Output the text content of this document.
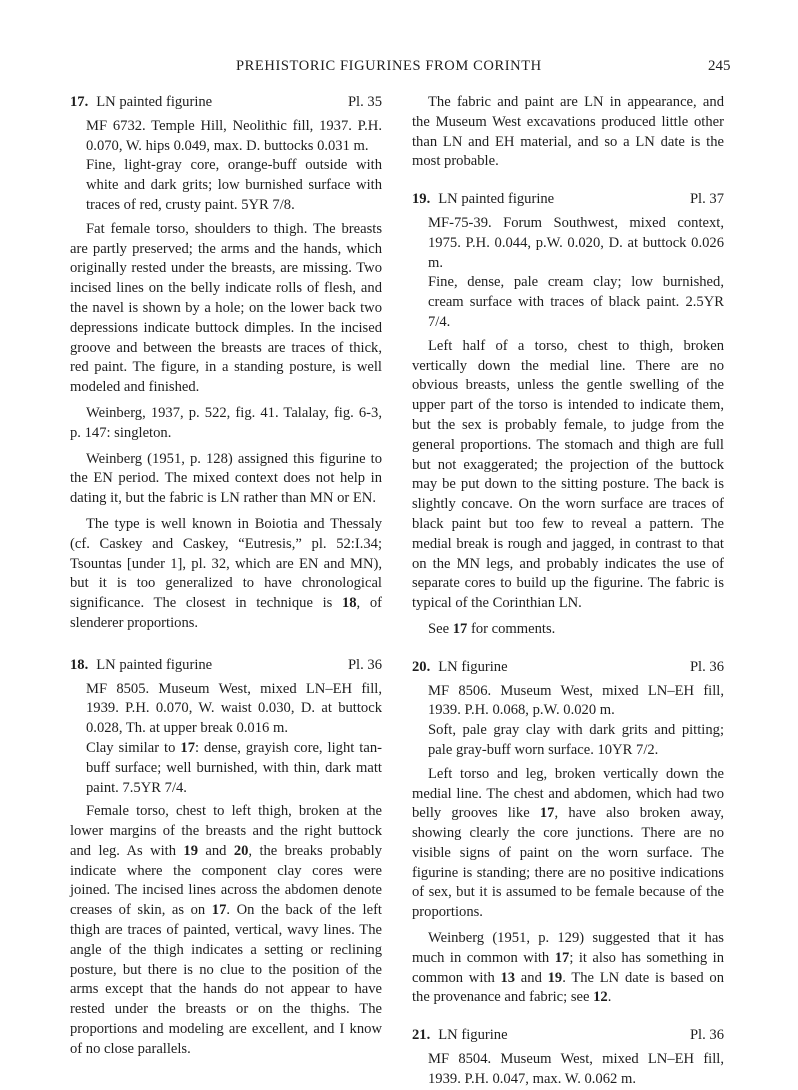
PREHISTORIC FIGURINES FROM CORINTH	245
17. LN painted figurine	Pl. 35

MF 6732. Temple Hill, Neolithic fill, 1937. P.H. 0.070, W. hips 0.049, max. D. buttocks 0.031 m.

Fine, light-gray core, orange-buff outside with white and dark grits; low burnished surface with traces of red, crusty paint. 5YR 7/8.

Fat female torso, shoulders to thigh. The breasts are partly preserved; the arms and the hands, which originally rested under the breasts, are missing. Two incised lines on the belly indicate rolls of flesh, and the navel is shown by a hole; on the lower back two depressions indicate buttock dimples. In the incised groove and between the breasts are traces of thick, red paint. The figure, in a standing posture, is well modeled and finished.

Weinberg, 1937, p. 522, fig. 41. Talalay, fig. 6-3, p. 147: singleton.

Weinberg (1951, p. 128) assigned this figurine to the EN period. The mixed context does not help in dating it, but the fabric is LN rather than MN or EN.

The type is well known in Boiotia and Thessaly (cf. Caskey and Caskey, “Eutresis,” pl. 52:I.34; Tsountas [under 1], pl. 32, which are EN and MN), but it is too generalized to have chronological significance. The closest in technique is 18, of slenderer proportions.

18. LN painted figurine	Pl. 36

MF 8505. Museum West, mixed LN–EH fill, 1939. P.H. 0.070, W. waist 0.030, D. at buttock 0.028, Th. at upper break 0.016 m.

Clay similar to 17: dense, grayish core, light tan-buff surface; well burnished, with thin, dark matt paint. 7.5YR 7/4.

Female torso, chest to left thigh, broken at the lower margins of the breasts and the right buttock and leg. As with 19 and 20, the breaks probably indicate where the component clay cores were joined. The incised lines across the abdomen denote creases of skin, as on 17. On the back of the left thigh are traces of painted, vertical, wavy lines. The angle of the thigh indicates a setting or reclining posture, but there is no clue to the position of the arms except that the hands do not appear to have rested under the breasts or on the thighs. The proportions and modeling are excellent, and I know of no close parallels.

The fabric and paint are LN in appearance, and the Museum West excavations produced little other than LN and EH material, and so a LN date is the most probable.

19. LN painted figurine	Pl. 37

MF-75-39. Forum Southwest, mixed context, 1975. P.H. 0.044, p.W. 0.020, D. at buttock 0.026 m.

Fine, dense, pale cream clay; low burnished, cream surface with traces of black paint. 2.5YR 7/4.

Left half of a torso, chest to thigh, broken vertically down the medial line. There are no obvious breasts, unless the gentle swelling of the upper part of the torso is intended to indicate them, but the sex is probably female, to judge from the general proportions. The stomach and thigh are full but not exaggerated; the projection of the buttock may be put down to the sitting posture. The back is slightly concave. On the worn surface are traces of black paint but too few to reveal a pattern. The medial break is rough and jagged, in contrast to that on the MN legs, and probably indicates the use of separate cores to build up the figurine. The fabric is typical of the Corinthian LN.

See 17 for comments.

20. LN figurine	Pl. 36

MF 8506. Museum West, mixed LN–EH fill, 1939. P.H. 0.068, p.W. 0.020 m.

Soft, pale gray clay with dark grits and pitting; pale gray-buff worn surface. 10YR 7/2.

Left torso and leg, broken vertically down the medial line. The chest and abdomen, which had two belly grooves like 17, have also broken away, showing clearly the core junctions. There are no visible signs of paint on the worn surface. The figurine is standing; there are no positive indications of sex, but it is assumed to be female because of the proportions.

Weinberg (1951, p. 129) suggested that it has much in common with 17; it also has something in common with 13 and 19. The LN date is based on the provenance and fabric; see 12.

21. LN figurine	Pl. 36

MF 8504. Museum West, mixed LN–EH fill, 1939. P.H. 0.047, max. W. 0.062 m.
